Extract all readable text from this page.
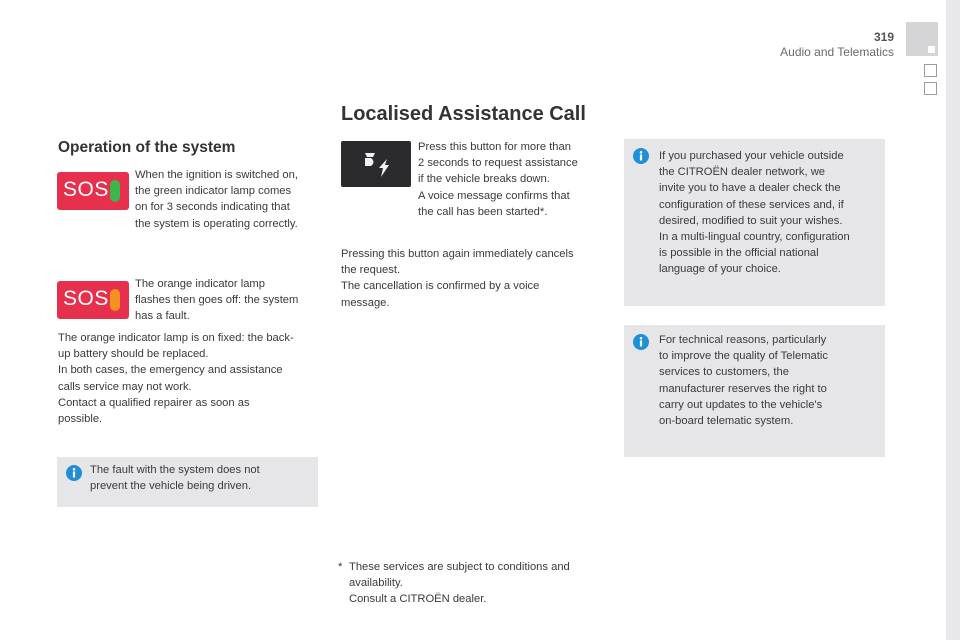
319
Audio and Telematics
Operation of the system
SOS
When the ignition is switched on,
the green indicator lamp comes
on for 3 seconds indicating that
the system is operating correctly.
SOS
The orange indicator lamp
flashes then goes off: the system
has a fault.
The orange indicator lamp is on fixed: the back-
up battery should be replaced.
In both cases, the emergency and assistance
calls service may not work.
Contact a qualified repairer as soon as
possible.
The fault with the system does not
prevent the vehicle being driven.
Localised Assistance Call
Press this button for more than
2 seconds to request assistance
if the vehicle breaks down.
A voice message confirms that
the call has been started*.
Pressing this button again immediately cancels
the request.
The cancellation is confirmed by a voice
message.
* These services are subject to conditions and
availability.
Consult a CITROËN dealer.
If you purchased your vehicle outside
the CITROËN dealer network, we
invite you to have a dealer check the
configuration of these services and, if
desired, modified to suit your wishes.
In a multi-lingual country, configuration
is possible in the official national
language of your choice.
For technical reasons, particularly
to improve the quality of Telematic
services to customers, the
manufacturer reserves the right to
carry out updates to the vehicle's
on-board telematic system.
